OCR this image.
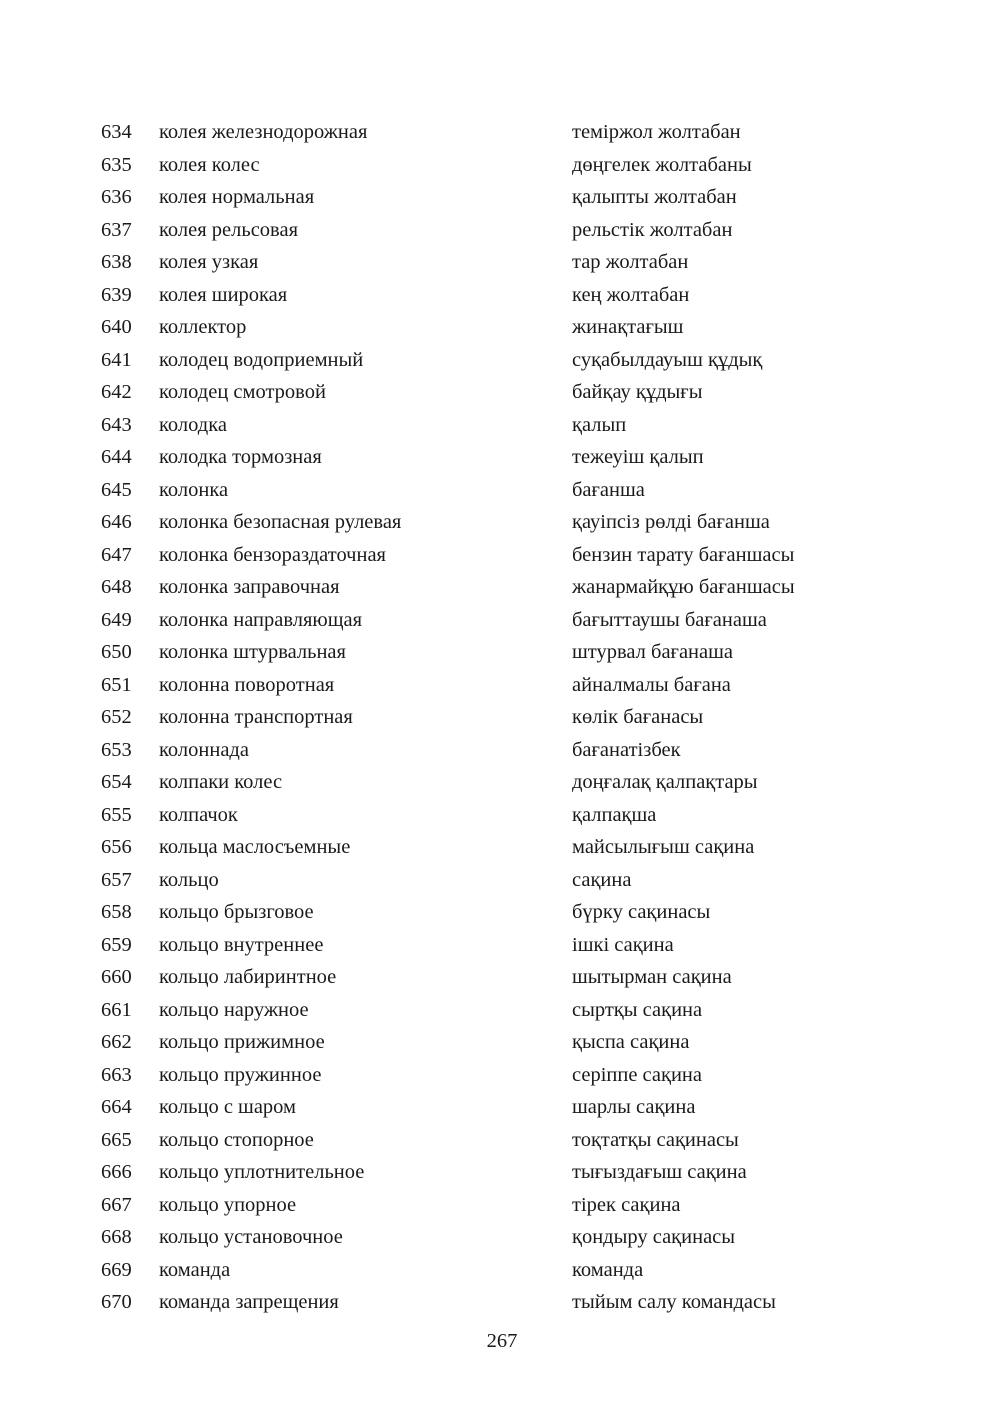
634 колея железнодорожная	теміржол жолтабан
635 колея колес	дөңгелек жолтабаны
636 колея нормальная	қалыпты жолтабан
637 колея рельсовая	рельстік жолтабан
638 колея узкая	тар жолтабан
639 колея широкая	кең жолтабан
640 коллектор	жинақтағыш
641 колодец водоприемный	суқабылдауыш құдық
642 колодец смотровой	байқау құдығы
643 колодка	қалып
644 колодка тормозная	тежеуіш қалып
645 колонка	бағанша
646 колонка безопасная рулевая	қауіпсіз рөлді бағанша
647 колонка бензораздаточная	бензин тарату бағаншасы
648 колонка заправочная	жанармайқұю бағаншасы
649 колонка направляющая	бағыттаушы бағанаша
650 колонка штурвальная	штурвал бағанаша
651 колонна поворотная	айналмалы бағана
652 колонна транспортная	көлік бағанасы
653 колоннада	бағанатізбек
654 колпаки колес	доңғалақ қалпақтары
655 колпачок	қалпақша
656 кольца маслосъемные	майсылығыш сақина
657 кольцо	сақина
658 кольцо брызговое	бүрку сақинасы
659 кольцо внутреннее	ішкі сақина
660 кольцо лабиринтное	шытырман сақина
661 кольцо наружное	сыртқы сақина
662 кольцо прижимное	қыспа сақина
663 кольцо пружинное	серіппе сақина
664 кольцо с шаром	шарлы сақина
665 кольцо стопорное	тоқтатқы сақинасы
666 кольцо уплотнительное	тығыздағыш сақина
667 кольцо упорное	тірек сақина
668 кольцо установочное	қондыру сақинасы
669 команда	команда
670 команда запрещения	тыйым салу командасы
267
